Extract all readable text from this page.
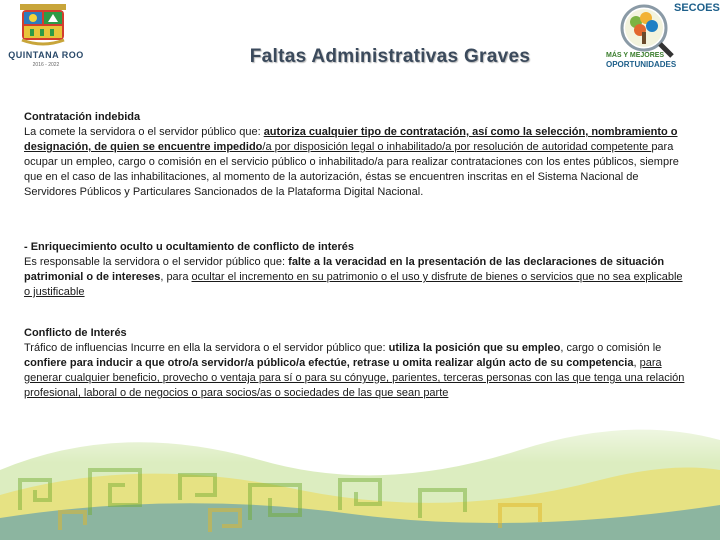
QUINTANA ROO
2016 - 2022	Faltas Administrativas Graves
SECOES
MÁS Y MEJORES
OPORTUNIDADES

Contratación indebida

La comete la servidora o el servidor público que: autoriza cualquier tipo de contratación, así como la selección, nombramiento o designación, de quien se encuentre impedido/a por disposición legal o inhabilitado/a por resolución de autoridad competente para ocupar un empleo, cargo o comisión en el servicio público o inhabilitado/a para realizar contrataciones con los entes públicos, siempre que en el caso de las inhabilitaciones, al momento de la autorización, éstas se encuentren inscritas en el Sistema Nacional de Servidores Públicos y Particulares Sancionados de la Plataforma Digital Nacional.

- Enriquecimiento oculto u ocultamiento de conflicto de interés

Es responsable la servidora o el servidor público que: falte a la veracidad en la presentación de las declaraciones de situación patrimonial o de intereses, para ocultar el incremento en su patrimonio o el uso y disfrute de bienes o servicios que no sea explicable o justificable

Conflicto de Interés

Tráfico de influencias Incurre en ella la servidora o el servidor público que: utiliza la posición que su empleo, cargo o comisión le confiere para inducir a que otro/a servidor/a público/a efectúe, retrase u omita realizar algún acto de su competencia, para generar cualquier beneficio, provecho o ventaja para sí o para su cónyuge, parientes, terceras personas con las que tenga una relación profesional, laboral o de negocios o para socios/as o sociedades de las que sean parte
